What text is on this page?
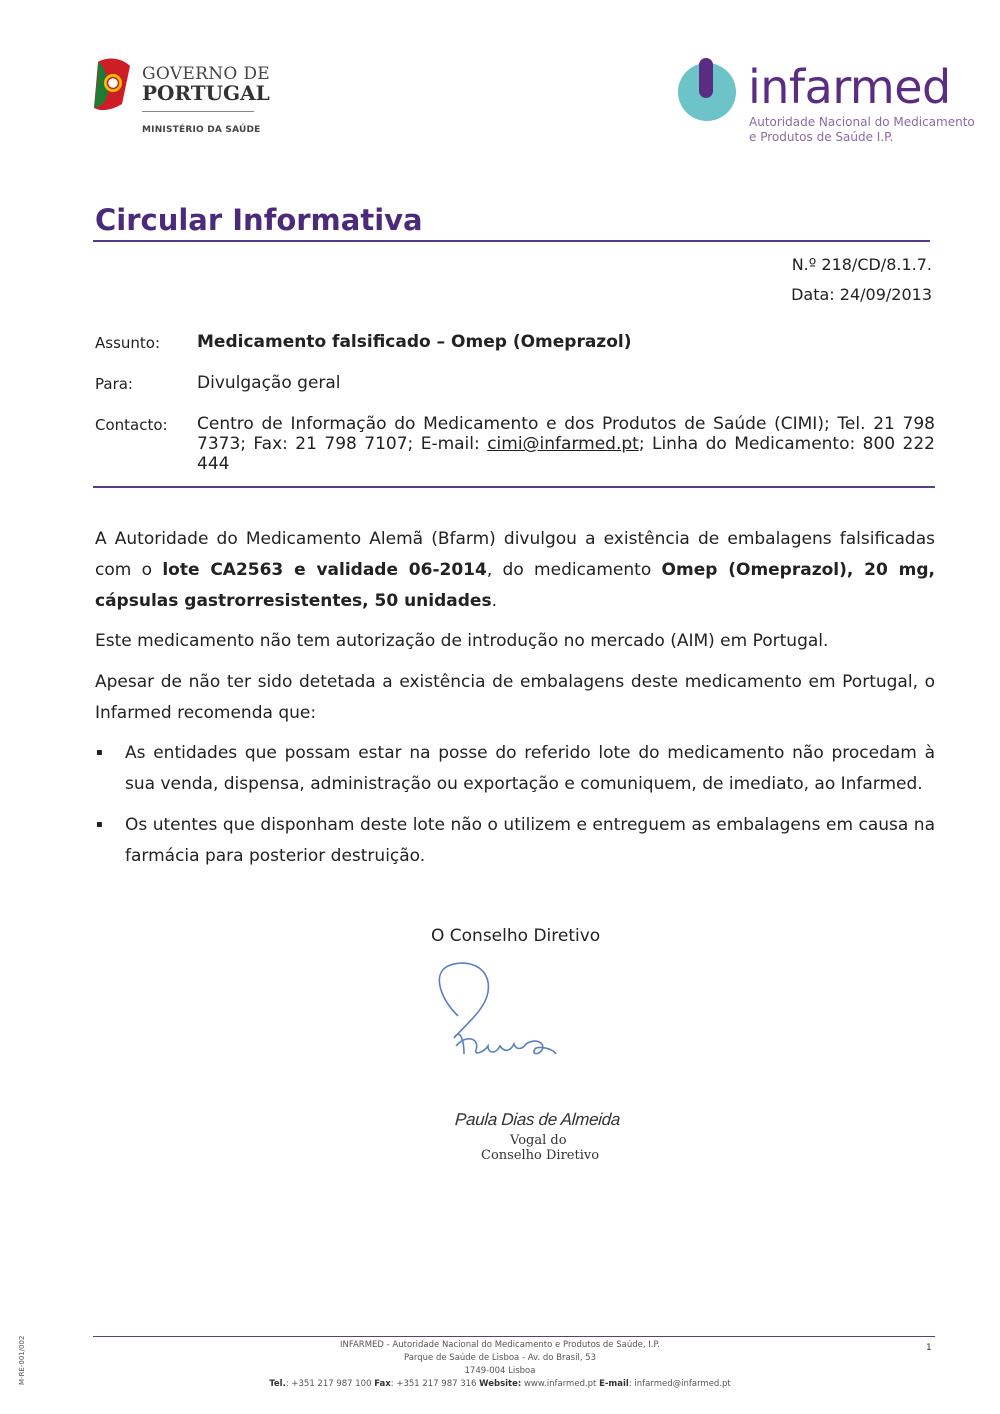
GOVERNO DE
PORTUGAL
MINISTÉRIO DA SAÚDE
infarmed
Autoridade Nacional do Medicamento
e Produtos de Saúde I.P.
Circular Informativa
N.º 218/CD/8.1.7.
Data: 24/09/2013
Assunto: Medicamento falsificado – Omep (Omeprazol)
Para:	Divulgação geral
Contacto: Centro de Informação do Medicamento e dos Produtos de Saúde (CIMI); Tel. 21 798 7373; Fax: 21 798 7107; E-mail: cimi@infarmed.pt; Linha do Medicamento: 800 222 444
A Autoridade do Medicamento Alemã (Bfarm) divulgou a existência de embalagens falsificadas com o lote CA2563 e validade 06-2014, do medicamento Omep (Omeprazol), 20 mg, cápsulas gastrorresistentes, 50 unidades.
Este medicamento não tem autorização de introdução no mercado (AIM) em Portugal.
Apesar de não ter sido detetada a existência de embalagens deste medicamento em Portugal, o Infarmed recomenda que:
▪ As entidades que possam estar na posse do referido lote do medicamento não procedam à sua venda, dispensa, administração ou exportação e comuniquem, de imediato, ao Infarmed.
▪ Os utentes que disponham deste lote não o utilizem e entreguem as embalagens em causa na farmácia para posterior destruição.
O Conselho Diretivo
Paula Dias de Almeida
Vogal do
Conselho Diretivo
M-RE-001/002	1
INFARMED - Autoridade Nacional do Medicamento e Produtos de Saúde, I.P.
Parque de Saúde de Lisboa - Av. do Brasil, 53
1749-004 Lisboa
Tel.: +351 217 987 100 Fax: +351 217 987 316 Website: www.infarmed.pt E-mail: infarmed@infarmed.pt
